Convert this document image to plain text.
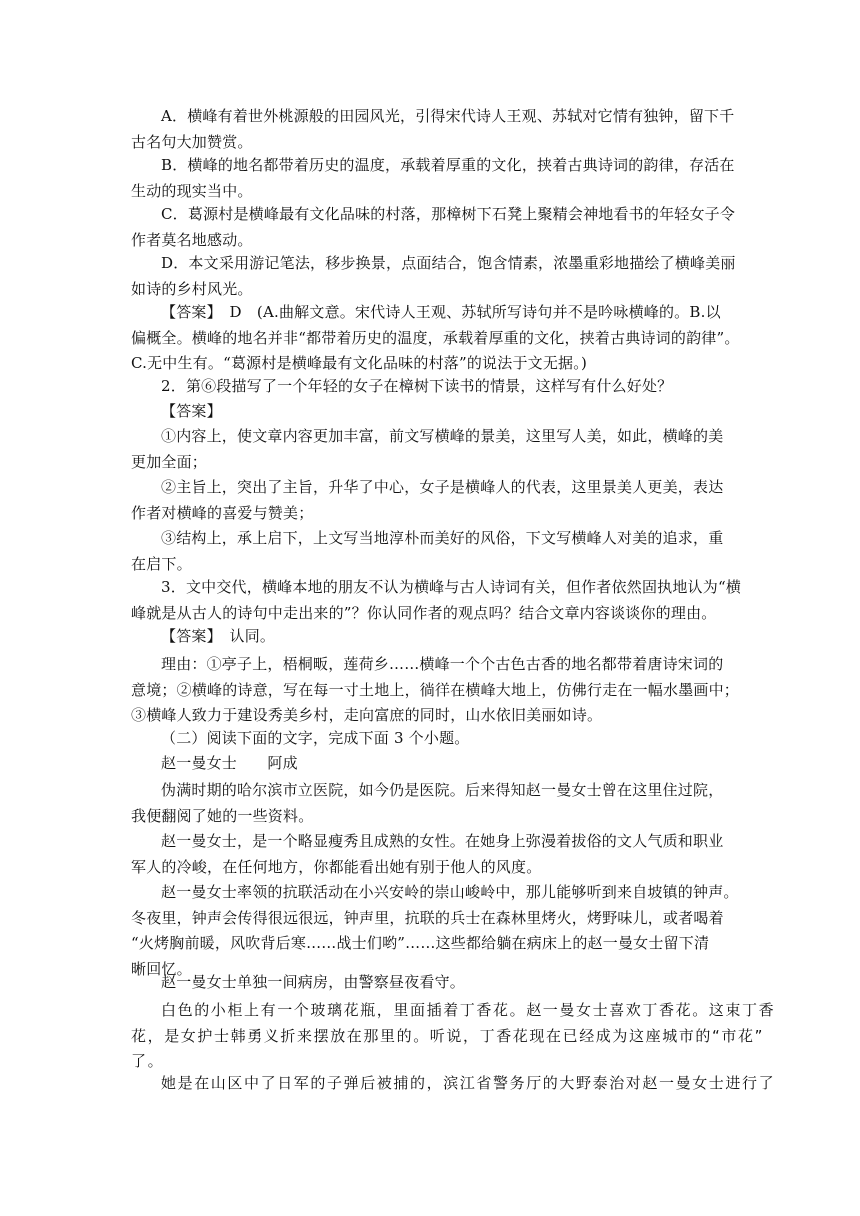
A．横峰有着世外桃源般的田园风光，引得宋代诗人王观、苏轼对它情有独钟，留下千
古名句大加赞赏。
B．横峰的地名都带着历史的温度，承载着厚重的文化，挟着古典诗词的韵律，存活在
生动的现实当中。
C．葛源村是横峰最有文化品味的村落，那樟树下石凳上聚精会神地看书的年轻女子令
作者莫名地感动。
D．本文采用游记笔法，移步换景，点面结合，饱含情素，浓墨重彩地描绘了横峰美丽
如诗的乡村风光。
【答案】　D　(A.曲解文意。宋代诗人王观、苏轼所写诗句并不是吟咏横峰的。B.以
偏概全。横峰的地名并非“都带着历史的温度，承载着厚重的文化，挟着古典诗词的韵律”。
C.无中生有。“葛源村是横峰最有文化品味的村落”的说法于文无据。)
2．第⑥段描写了一个年轻的女子在樟树下读书的情景，这样写有什么好处？
【答案】
①内容上，使文章内容更加丰富，前文写横峰的景美，这里写人美，如此，横峰的美
更加全面；
②主旨上，突出了主旨，升华了中心，女子是横峰人的代表，这里景美人更美，表达
作者对横峰的喜爱与赞美；
③结构上，承上启下，上文写当地淳朴而美好的风俗，下文写横峰人对美的追求，重
在启下。
3．文中交代，横峰本地的朋友不认为横峰与古人诗词有关，但作者依然固执地认为“横
峰就是从古人的诗句中走出来的”？你认同作者的观点吗？结合文章内容谈谈你的理由。
【答案】　认同。
理由：①亭子上，梧桐畈，莲荷乡……横峰一个个古色古香的地名都带着唐诗宋词的
意境；②横峰的诗意，写在每一寸土地上，徜徉在横峰大地上，仿佛行走在一幅水墨画中；
③横峰人致力于建设秀美乡村，走向富庶的同时，山水依旧美丽如诗。
（二）阅读下面的文字，完成下面 3 个小题。
赵一曼女士　　阿成
伪满时期的哈尔滨市立医院，如今仍是医院。后来得知赵一曼女士曾在这里住过院，
我便翻阅了她的一些资料。
赵一曼女士，是一个略显瘦秀且成熟的女性。在她身上弥漫着拔俗的文人气质和职业
军人的冷峻，在任何地方，你都能看出她有别于他人的风度。
赵一曼女士率领的抗联活动在小兴安岭的崇山峻岭中，那儿能够听到来自坡镇的钟声。
冬夜里，钟声会传得很远很远，钟声里，抗联的兵士在森林里烤火，烤野味儿，或者喝着
“火烤胸前暖，风吹背后寒……战士们哟”……这些都给躺在病床上的赵一曼女士留下清
晰回忆。
赵一曼女士单独一间病房，由警察昼夜看守。
白色的小柜上有一个玻璃花瓶，里面插着丁香花。赵一曼女士喜欢丁香花。这束丁香
花，是女护士韩勇义折来摆放在那里的。听说，丁香花现在已经成为这座城市的“市花”
了。
她是在山区中了日军的子弹后被捕的，滨江省警务厅的大野泰治对赵一曼女士进行了
